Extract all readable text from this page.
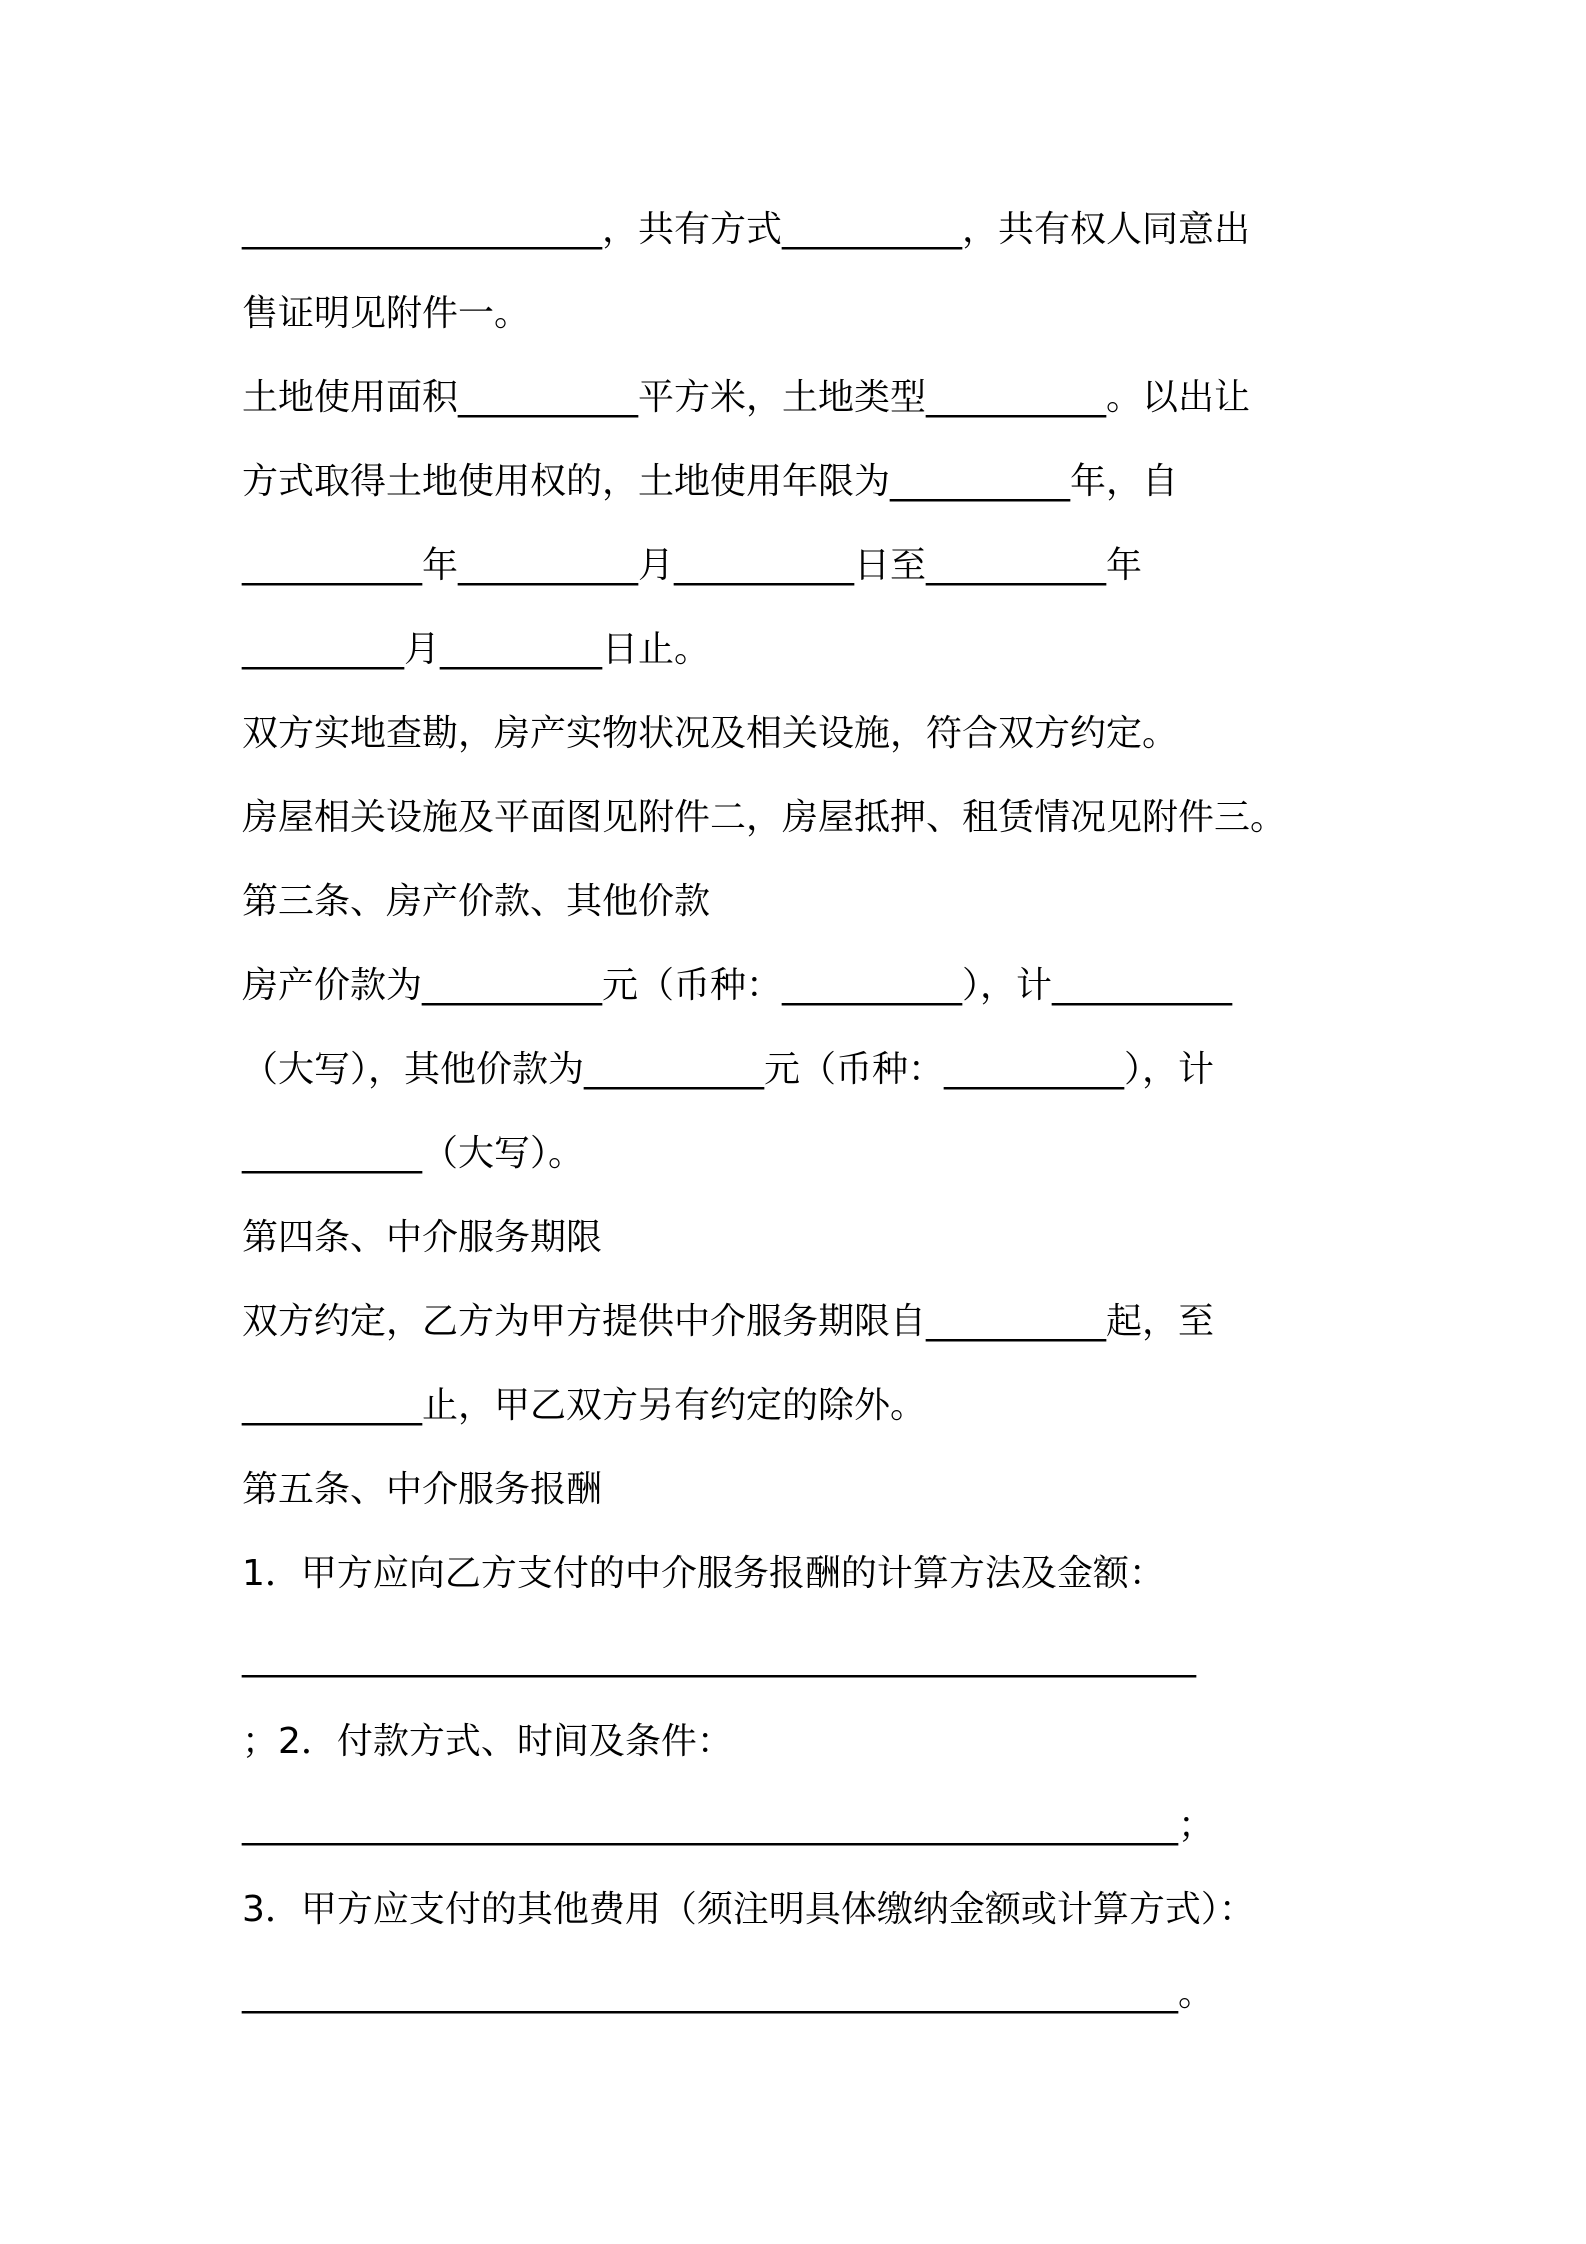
____________________，共有方式__________，共有权人同意出
售证明见附件一。
土地使用面积__________平方米，土地类型__________。以出让
方式取得土地使用权的，土地使用年限为__________年，自
__________年__________月__________日至__________年
_________月_________日止。
双方实地查勘，房产实物状况及相关设施，符合双方约定。
房屋相关设施及平面图见附件二，房屋抵押、租赁情况见附件三。
第三条、房产价款、其他价款
房产价款为__________元（币种：__________），计__________
（大写），其他价款为__________元（币种：__________），计
__________（大写）。
第四条、中介服务期限
双方约定，乙方为甲方提供中介服务期限自__________起，至
__________止，甲乙双方另有约定的除外。
第五条、中介服务报酬
1．甲方应向乙方支付的中介服务报酬的计算方法及金额：
_____________________________________________________
；2．付款方式、时间及条件：
____________________________________________________；
3．甲方应支付的其他费用（须注明具体缴纳金额或计算方式）：
____________________________________________________。
